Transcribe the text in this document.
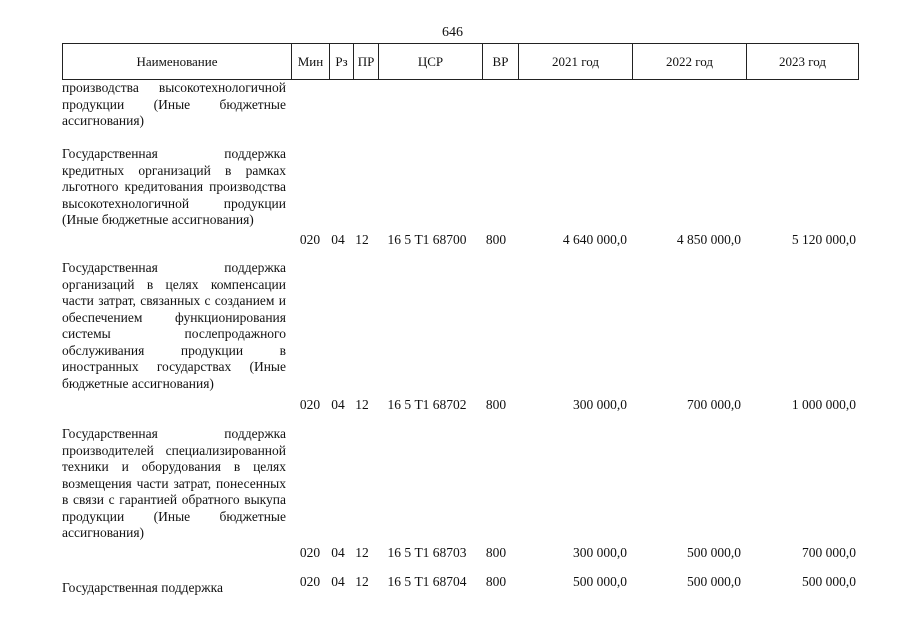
646
Наименование	Мин Рз ПР	ЦСР	ВР	2021 год	2022 год	2023 год
производства высокотехнологичной продукции (Иные бюджетные ассигнования)
Государственная поддержка кредитных организаций в рамках льготного кредитования производства высокотехнологичной продукции (Иные бюджетные ассигнования)
020 04 12	16 5 Т1 68700	800	4 640 000,0	4 850 000,0	5 120 000,0
Государственная поддержка организаций в целях компенсации части затрат, связанных с созданием и обеспечением функционирования системы послепродажного обслуживания продукции в иностранных государствах (Иные бюджетные ассигнования)
020 04 12	16 5 Т1 68702	800	300 000,0	700 000,0	1 000 000,0
Государственная поддержка производителей специализированной техники и оборудования в целях возмещения части затрат, понесенных в связи с гарантией обратного выкупа продукции (Иные бюджетные ассигнования)
020 04 12	16 5 Т1 68703	800	300 000,0	500 000,0	700 000,0
Государственная поддержка	020 04 12	16 5 Т1 68704	800	500 000,0	500 000,0	500 000,0
